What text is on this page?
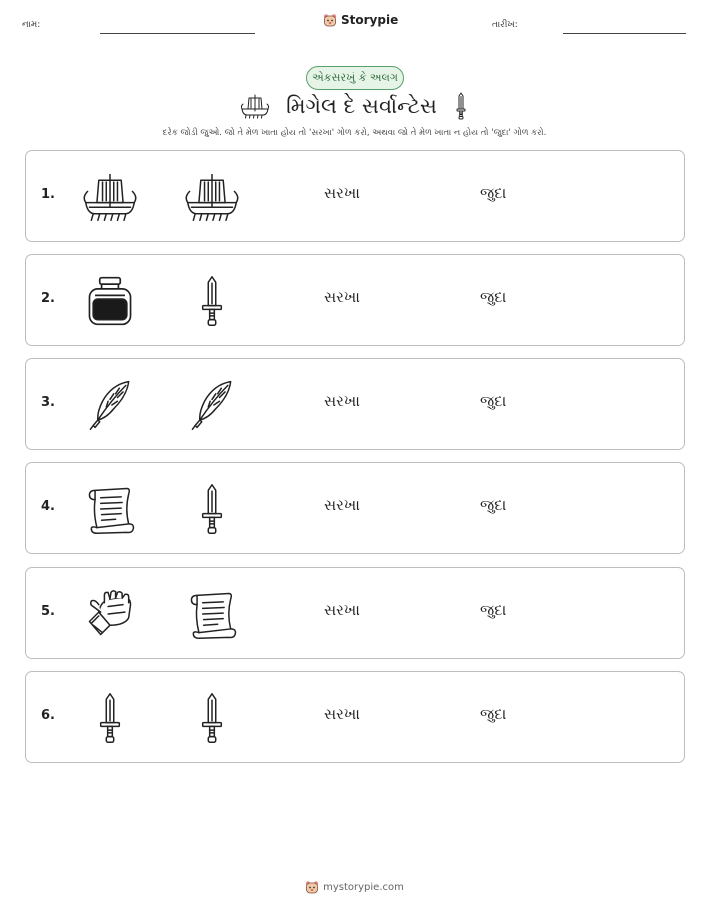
નામ:	Storypie	તારીખ:
એકસરખું કે અલગ
મિગેલ દે સર્વાન્ટેસ
દરેક જોડી જુઓ. જો તે મેળ ખાતા હોય તો 'સરખા' ગોળ કરો, અથવા જો તે મેળ ખાતા ન હોય તો 'જુદા' ગોળ કરો.
1.	સરખા	જુદા
2.	સરખા	જુદા
3.	સરખા	જુદા
4.	સરખા	જુદા
5.	સરખા	જુદા
6.	સરખા	જુદા
mystorypie.com
